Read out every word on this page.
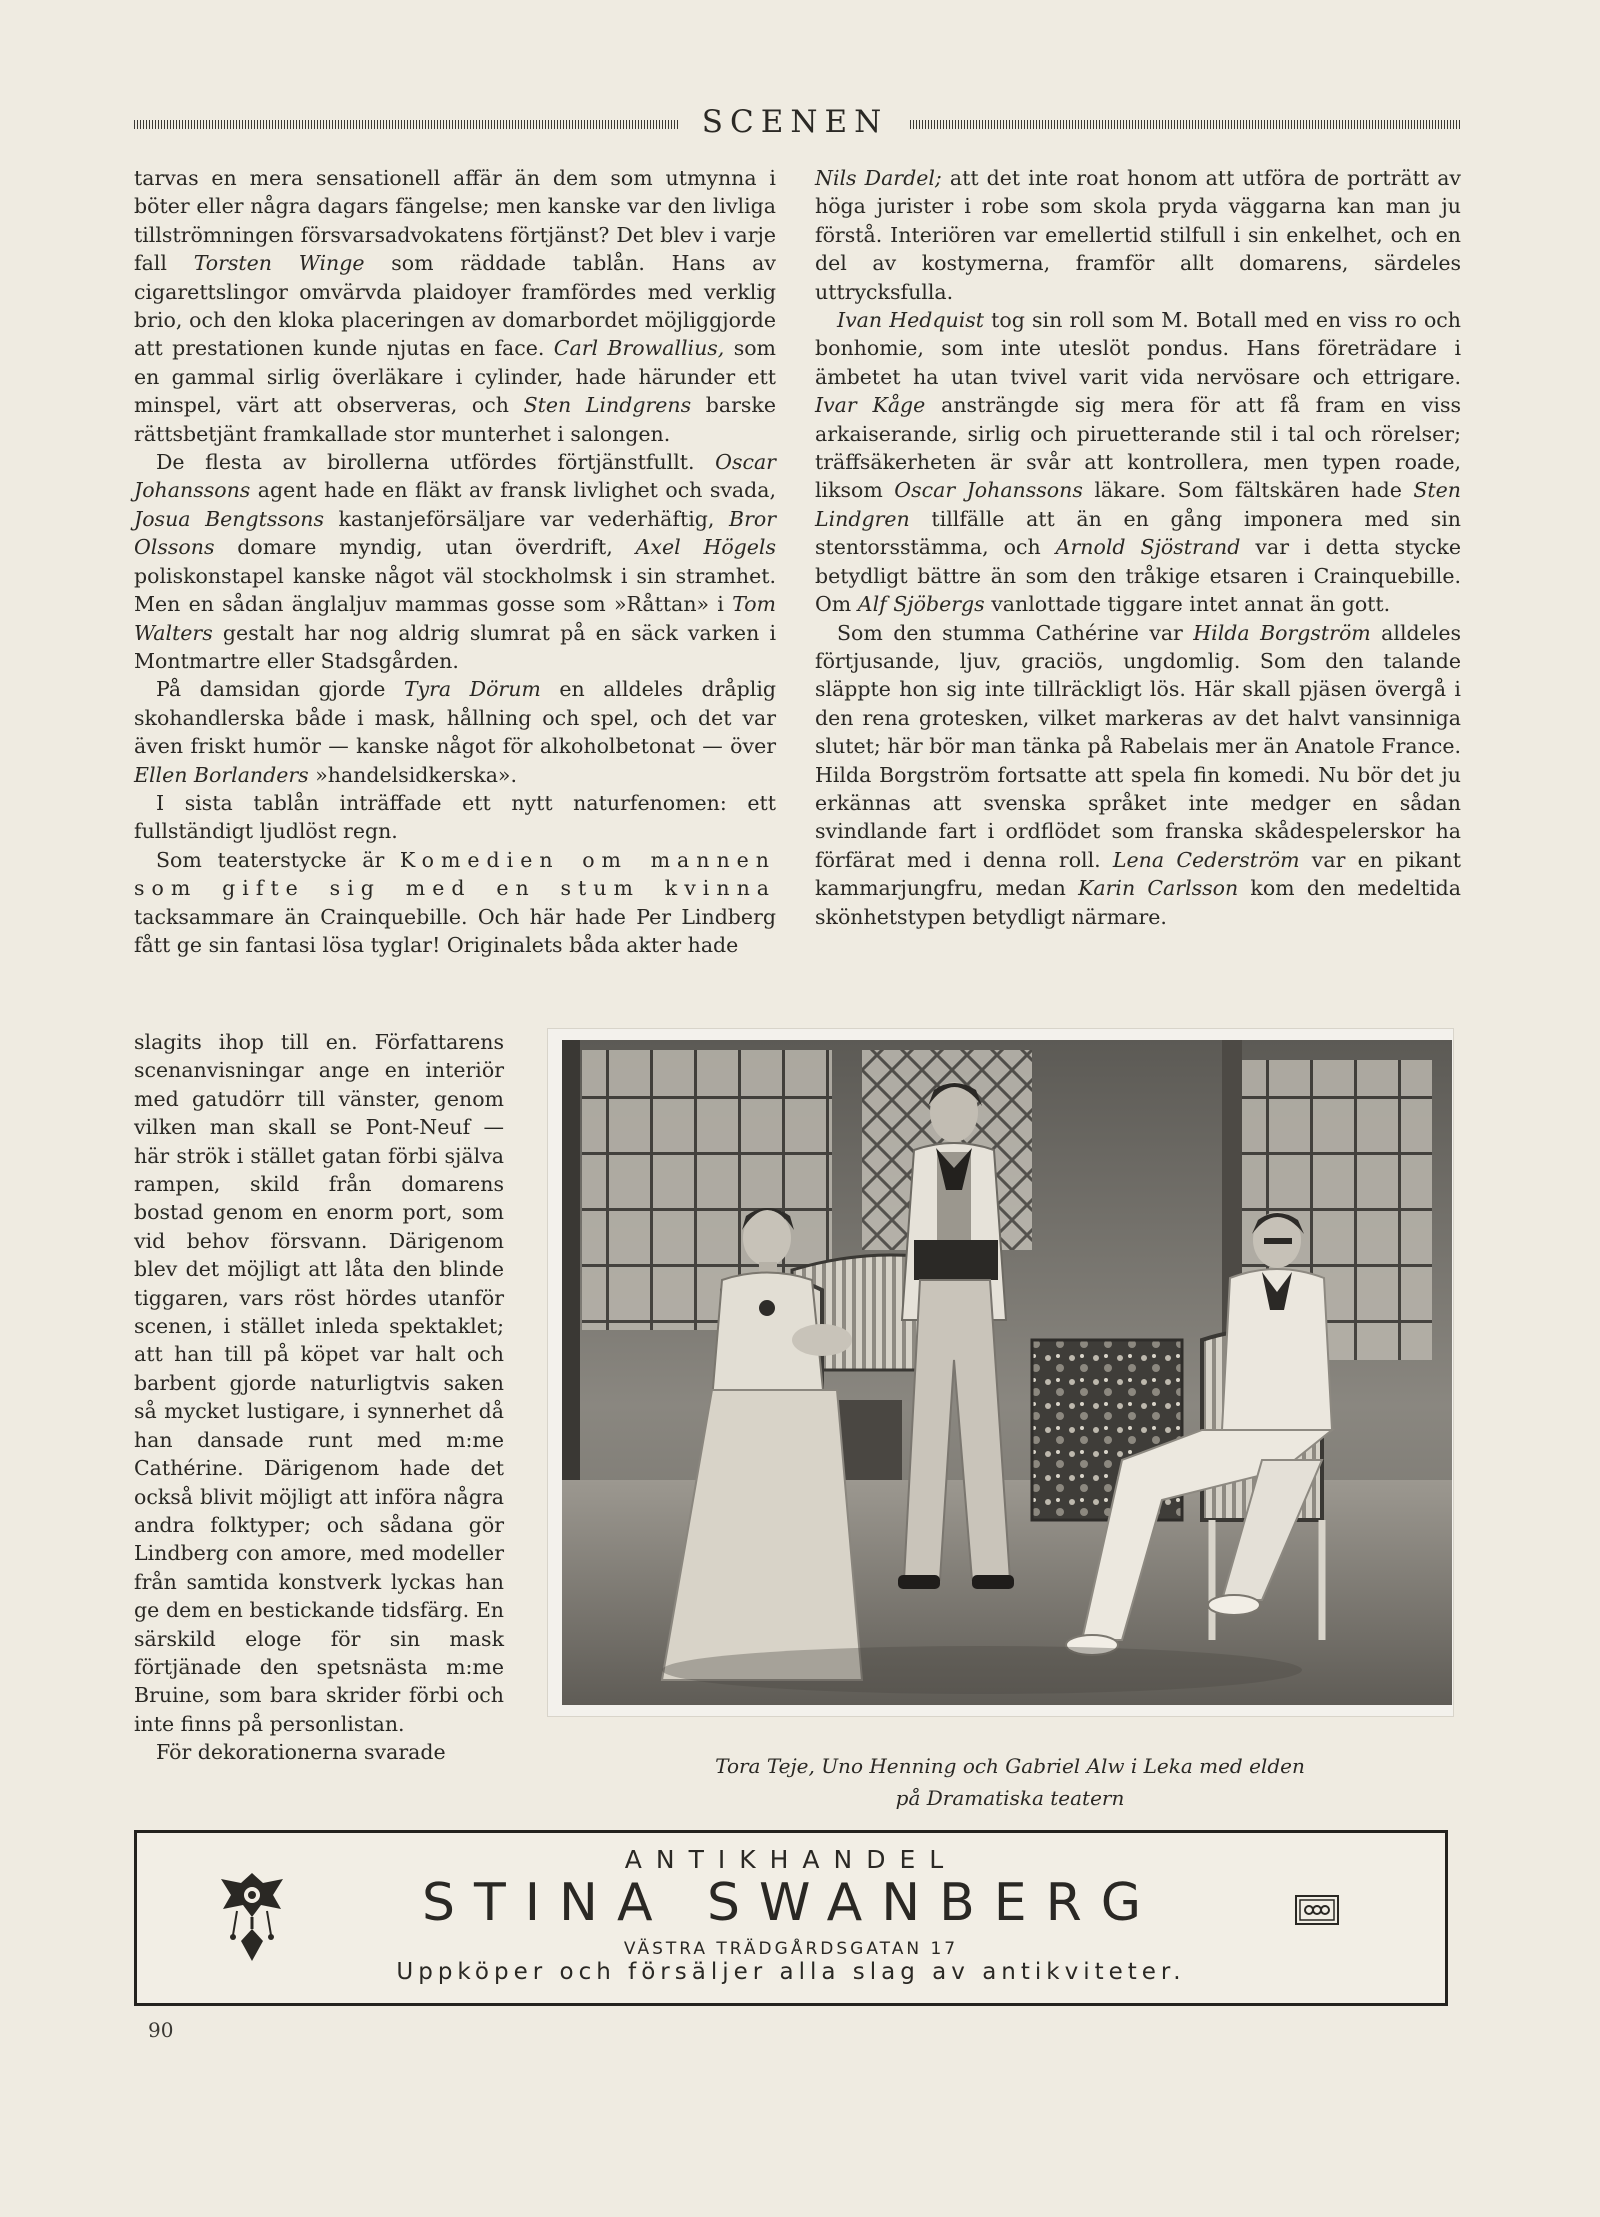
SCENEN

tarvas en mera sensationell affär än dem som utmynna i böter eller några dagars fängelse; men kanske var den livliga tillströmningen försvarsadvokatens förtjänst? Det blev i varje fall Torsten Winge som räddade tablån. Hans av cigarettslingor omvärvda plaidoyer framfördes med verklig brio, och den kloka placeringen av domarbordet möjliggjorde att prestationen kunde njutas en face. Carl Browallius, som en gammal sirlig överläkare i cylinder, hade härunder ett minspel, värt att observeras, och Sten Lindgrens barske rättsbetjänt framkallade stor munterhet i salongen.

De flesta av birollerna utfördes förtjänstfullt. Oscar Johanssons agent hade en fläkt av fransk livlighet och svada, Josua Bengtssons kastanjeförsäljare var vederhäftig, Bror Olssons domare myndig, utan överdrift, Axel Högels poliskonstapel kanske något väl stockholmsk i sin stramhet. Men en sådan änglaljuv mammas gosse som »Råttan» i Tom Walters gestalt har nog aldrig slumrat på en säck varken i Montmartre eller Stadsgården.

På damsidan gjorde Tyra Dörum en alldeles dråplig skohandlerska både i mask, hållning och spel, och det var även friskt humör — kanske något för alkoholbetonat — över Ellen Borlanders »handelsidkerska».

I sista tablån inträffade ett nytt naturfenomen: ett fullständigt ljudlöst regn.

Som teaterstycke är Komedien om mannen som gifte sig med en stum kvinna tacksammare än Crainquebille. Och här hade Per Lindberg fått ge sin fantasi lösa tyglar! Originalets båda akter hade

slagits ihop till en. Författarens scenanvisningar ange en interiör med gatudörr till vänster, genom vilken man skall se Pont-Neuf — här strök i stället gatan förbi själva rampen, skild från domarens bostad genom en enorm port, som vid behov försvann. Därigenom blev det möjligt att låta den blinde tiggaren, vars röst hördes utanför scenen, i stället inleda spektaklet; att han till på köpet var halt och barbent gjorde naturligtvis saken så mycket lustigare, i synnerhet då han dansade runt med m:me Cathérine. Därigenom hade det också blivit möjligt att införa några andra folktyper; och sådana gör Lindberg con amore, med modeller från samtida konstverk lyckas han ge dem en bestickande tidsfärg. En särskild eloge för sin mask förtjänade den spetsnästa m:me Bruine, som bara skrider förbi och inte finns på personlistan.

För dekorationerna svarade

Nils Dardel; att det inte roat honom att utföra de porträtt av höga jurister i robe som skola pryda väggarna kan man ju förstå. Interiören var emellertid stilfull i sin enkelhet, och en del av kostymerna, framför allt domarens, särdeles uttrycksfulla.

Ivan Hedquist tog sin roll som M. Botall med en viss ro och bonhomie, som inte uteslöt pondus. Hans företrädare i ämbetet ha utan tvivel varit vida nervösare och ettrigare. Ivar Kåge ansträngde sig mera för att få fram en viss arkaiserande, sirlig och piruetterande stil i tal och rörelser; träffsäkerheten är svår att kontrollera, men typen roade, liksom Oscar Johanssons läkare. Som fältskären hade Sten Lindgren tillfälle att än en gång imponera med sin stentorsstämma, och Arnold Sjöstrand var i detta stycke betydligt bättre än som den tråkige etsaren i Crainquebille. Om Alf Sjöbergs vanlottade tiggare intet annat än gott.

Som den stumma Cathérine var Hilda Borgström alldeles förtjusande, ljuv, graciös, ungdomlig. Som den talande släppte hon sig inte tillräckligt lös. Här skall pjäsen övergå i den rena grotesken, vilket markeras av det halvt vansinniga slutet; här bör man tänka på Rabelais mer än Anatole France. Hilda Borgström fortsatte att spela fin komedi. Nu bör det ju erkännas att svenska språket inte medger en sådan svindlande fart i ordflödet som franska skådespelerskor ha förfärat med i denna roll. Lena Cederström var en pikant kammarjungfru, medan Karin Carlsson kom den medeltida skönhetstypen betydligt närmare.

Tora Teje, Uno Henning och Gabriel Alw i Leka med elden
på Dramatiska teatern
ANTIKHANDEL
STINA SWANBERG
VÄSTRA TRÄDGÅRDSGATAN 17
Uppköper och försäljer alla slag av antikviteter.
90
